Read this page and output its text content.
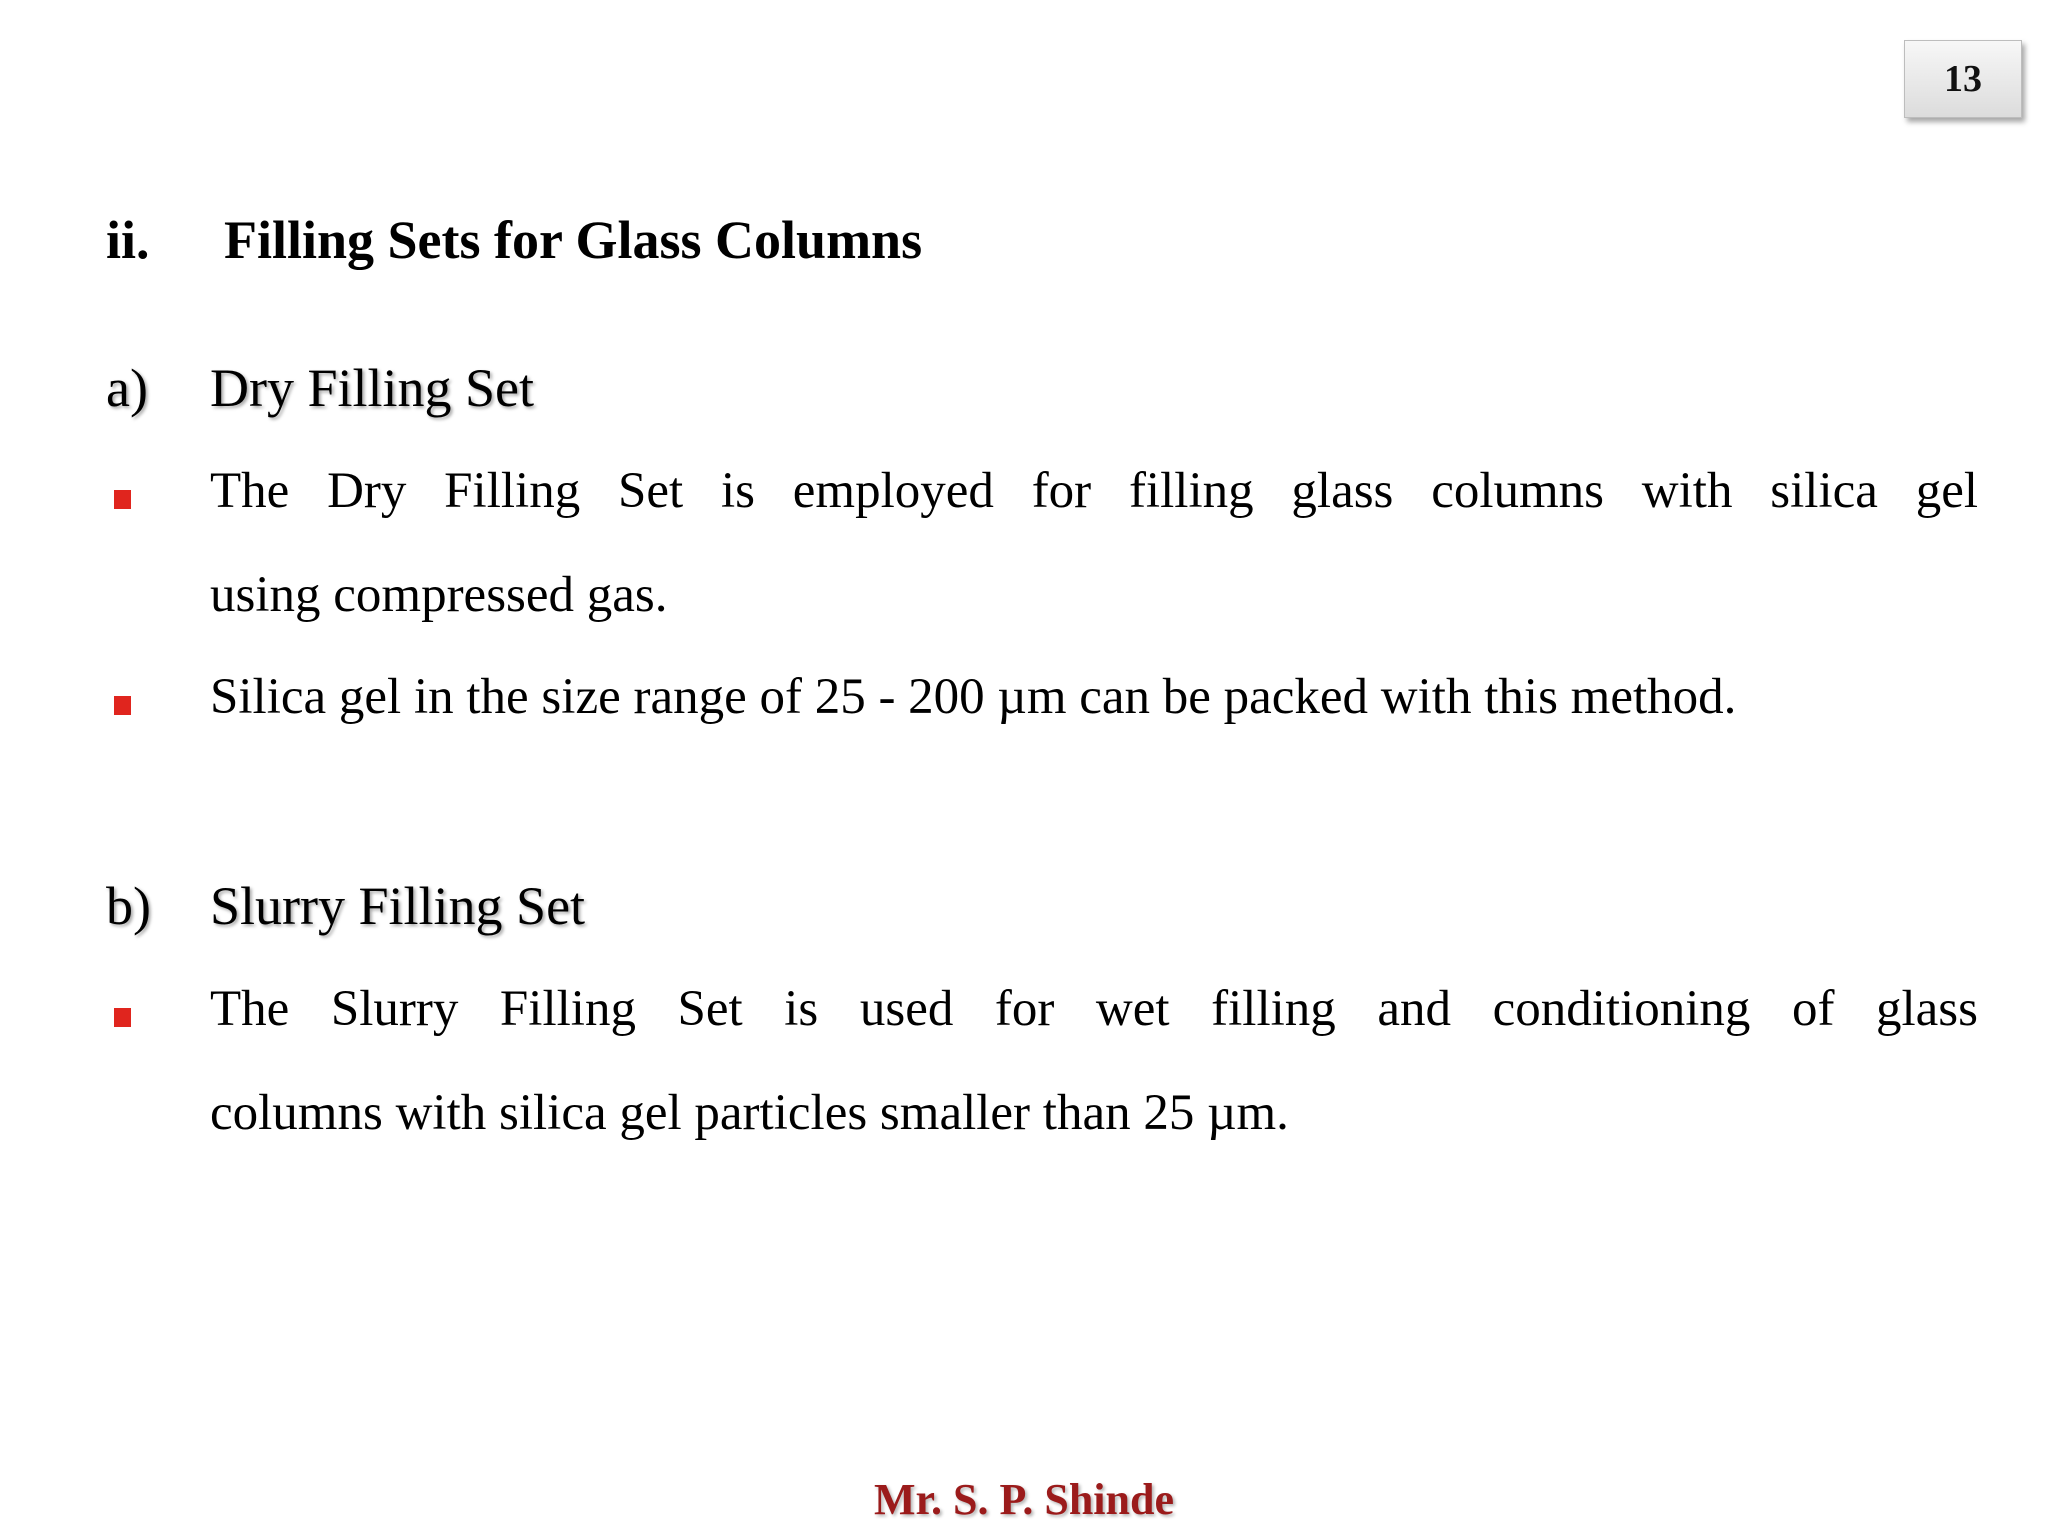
13
ii.	Filling Sets for Glass Columns
a)	Dry Filling Set
The Dry Filling Set is employed for filling glass columns with silica gel
using compressed gas.
Silica gel in the size range of 25 - 200 µm can be packed with this method.
b)	Slurry Filling Set
The Slurry Filling Set is used for wet filling and conditioning of glass
columns with silica gel particles smaller than 25 µm.
Mr. S. P. Shinde
